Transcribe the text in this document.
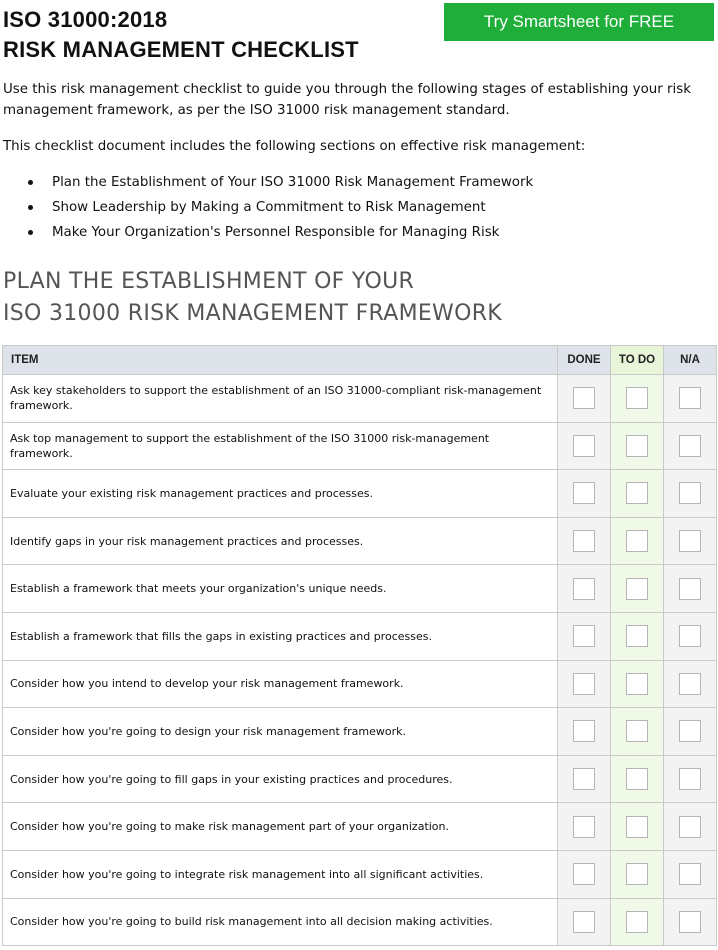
ISO 31000:2018
RISK MANAGEMENT CHECKLIST
Try Smartsheet for FREE

Use this risk management checklist to guide you through the following stages of establishing your risk management framework, as per the ISO 31000 risk management standard.

This checklist document includes the following sections on effective risk management:

Plan the Establishment of Your ISO 31000 Risk Management Framework
Show Leadership by Making a Commitment to Risk Management
Make Your Organization's Personnel Responsible for Managing Risk
PLAN THE ESTABLISHMENT OF YOUR
ISO 31000 RISK MANAGEMENT FRAMEWORK
ITEM	DONE	TO DO	N/A
Ask key stakeholders to support the establishment of an ISO 31000-compliant risk-management framework.			
Ask top management to support the establishment of the ISO 31000 risk-management framework.			
Evaluate your existing risk management practices and processes.			
Identify gaps in your risk management practices and processes.			
Establish a framework that meets your organization's unique needs.			
Establish a framework that fills the gaps in existing practices and processes.			
Consider how you intend to develop your risk management framework.			
Consider how you're going to design your risk management framework.			
Consider how you're going to fill gaps in your existing practices and procedures.			
Consider how you're going to make risk management part of your organization.			
Consider how you're going to integrate risk management into all significant activities.			
Consider how you're going to build risk management into all decision making activities.			
